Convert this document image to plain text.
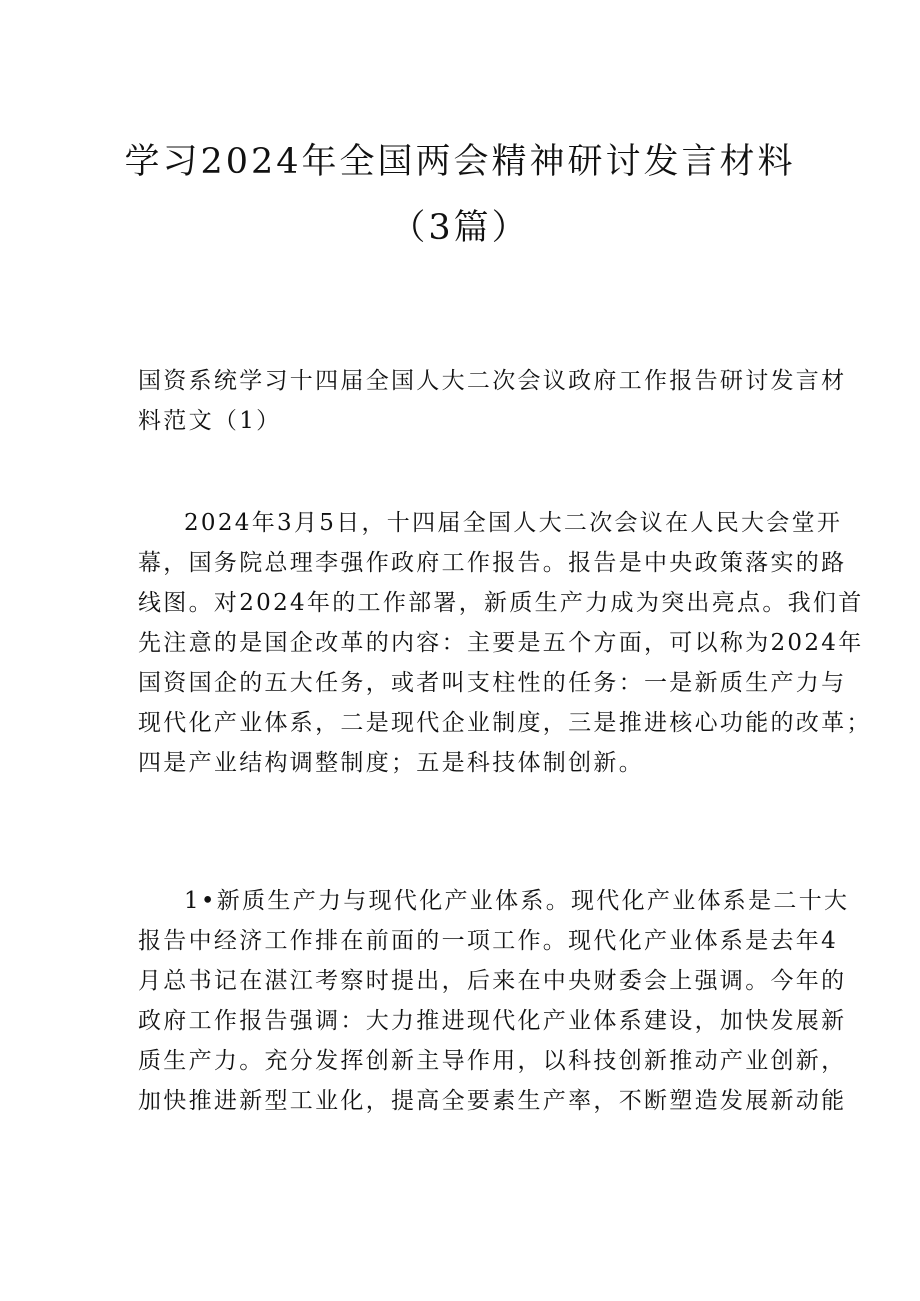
学习2024年全国两会精神研讨发言材料
（3篇）
国资系统学习十四届全国人大二次会议政府工作报告研讨发言材
料范文（1）
2024年3月5日，十四届全国人大二次会议在人民大会堂开
幕，国务院总理李强作政府工作报告。报告是中央政策落实的路
线图。对2024年的工作部署，新质生产力成为突出亮点。我们首
先注意的是国企改革的内容：主要是五个方面，可以称为2024年
国资国企的五大任务，或者叫支柱性的任务：一是新质生产力与
现代化产业体系，二是现代企业制度，三是推进核心功能的改革；
四是产业结构调整制度；五是科技体制创新。
1•新质生产力与现代化产业体系。现代化产业体系是二十大
报告中经济工作排在前面的一项工作。现代化产业体系是去年4
月总书记在湛江考察时提出，后来在中央财委会上强调。今年的
政府工作报告强调：大力推进现代化产业体系建设，加快发展新
质生产力。充分发挥创新主导作用，以科技创新推动产业创新，
加快推进新型工业化，提高全要素生产率，不断塑造发展新动能
